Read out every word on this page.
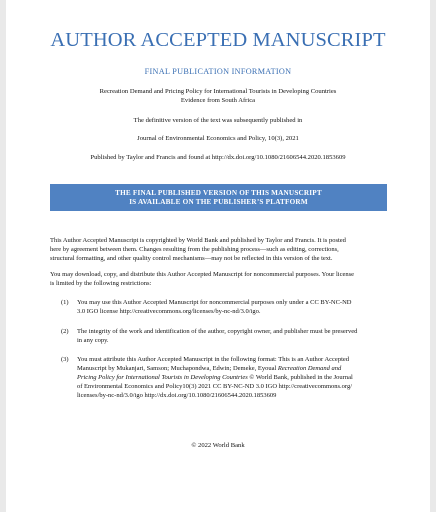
AUTHOR ACCEPTED MANUSCRIPT
FINAL PUBLICATION INFORMATION
Recreation Demand and Pricing Policy for International Tourists in Developing Countries
Evidence from South Africa
The definitive version of the text was subsequently published in
Journal of Environmental Economics and Policy, 10(3), 2021
Published by Taylor and Francis and found at http://dx.doi.org/10.1080/21606544.2020.1853609
THE FINAL PUBLISHED VERSION OF THIS MANUSCRIPT
IS AVAILABLE ON THE PUBLISHER’S PLATFORM
This Author Accepted Manuscript is copyrighted by World Bank and published by Taylor and Francis. It is posted
here by agreement between them. Changes resulting from the publishing process—such as editing, corrections,
structural formatting, and other quality control mechanisms—may not be reflected in this version of the text.
You may download, copy, and distribute this Author Accepted Manuscript for noncommercial purposes. Your license
is limited by the following restrictions:
(1) You may use this Author Accepted Manuscript for noncommercial purposes only under a CC BY-NC-ND
3.0 IGO license http://creativecommons.org/licenses/by-nc-nd/3.0/igo.
(2) The integrity of the work and identification of the author, copyright owner, and publisher must be preserved
in any copy.
(3) You must attribute this Author Accepted Manuscript in the following format: This is an Author Accepted
Manuscript by Mukanjari, Samson; Muchapondwa, Edwin; Demeke, Eyoual Recreation Demand and
Pricing Policy for International Tourists in Developing Countries © World Bank, published in the Journal
of Environmental Economics and Policy10(3) 2021 CC BY-NC-ND 3.0 IGO http://creativecommons.org/
licenses/by-nc-nd/3.0/igo http://dx.doi.org/10.1080/21606544.2020.1853609
© 2022 World Bank
